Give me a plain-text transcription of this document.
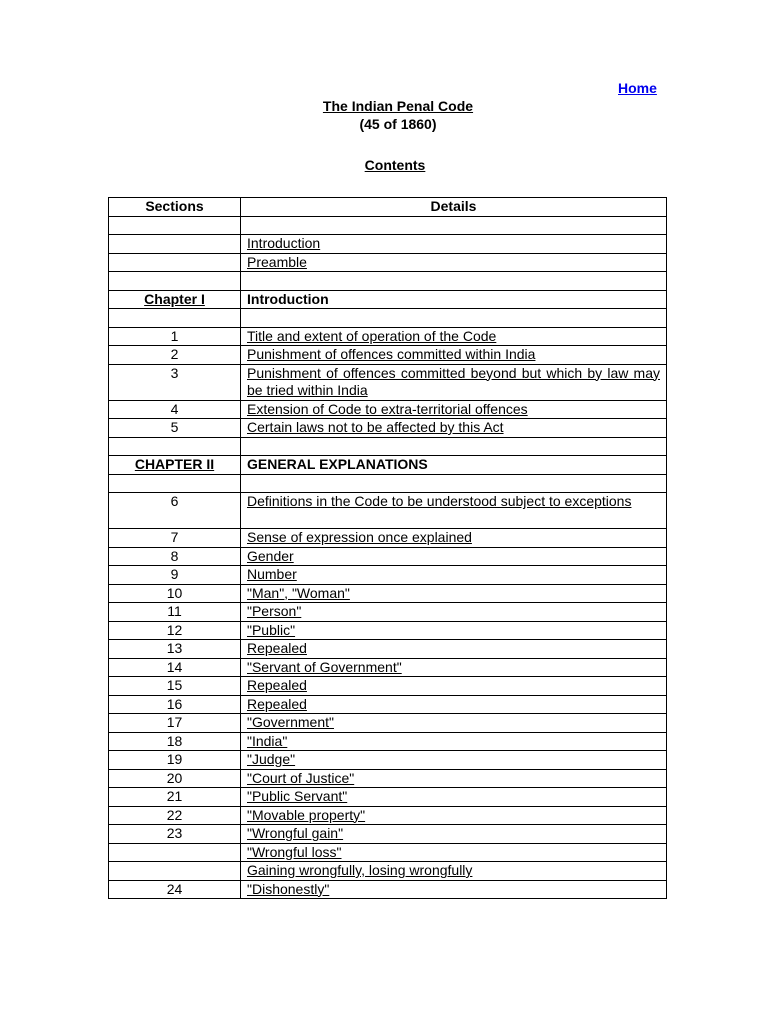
Home
The Indian Penal Code
(45 of 1860)
Contents
Sections	Details

	Introduction
	Preamble

Chapter I	Introduction

1	Title and extent of operation of the Code
2	Punishment of offences committed within India
3	Punishment of offences committed beyond but which by law may be tried within India
4	Extension of Code to extra-territorial offences
5	Certain laws not to be affected by this Act

CHAPTER II	GENERAL EXPLANATIONS

6	Definitions in the Code to be understood subject to exceptions
7	Sense of expression once explained
8	Gender
9	Number
10	"Man", "Woman"
11	"Person"
12	"Public"
13	Repealed
14	"Servant of Government"
15	Repealed
16	Repealed
17	"Government"
18	"India"
19	"Judge"
20	"Court of Justice"
21	"Public Servant"
22	"Movable property"
23	"Wrongful gain"
	"Wrongful loss"
	Gaining wrongfully, losing wrongfully
24	"Dishonestly"
